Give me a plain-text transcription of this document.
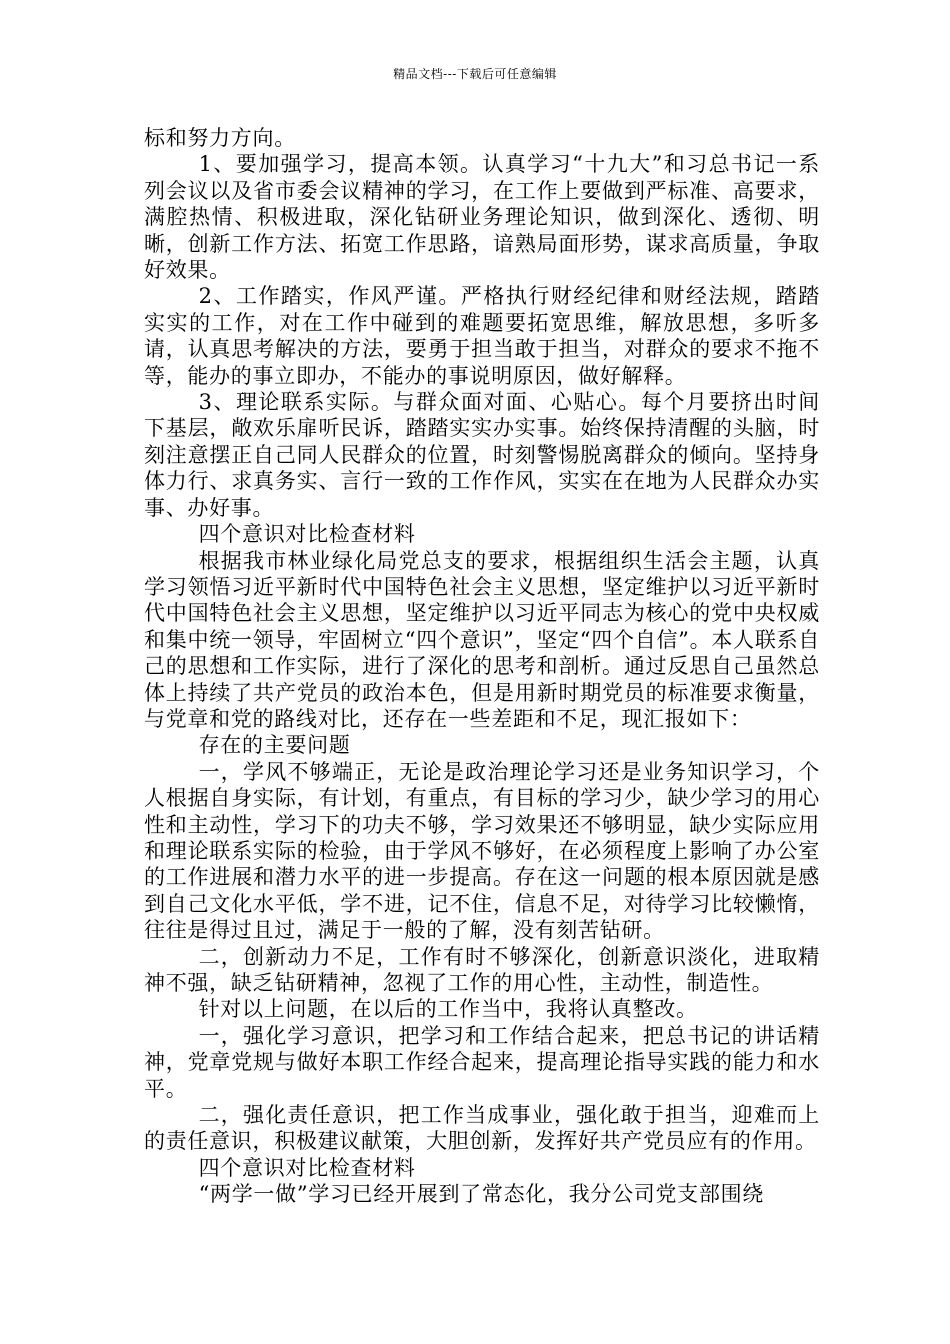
精品文档---下载后可任意编辑

标和努力方向。

1、要加强学习，提高本领。认真学习“十九大”和习总书记一系列会议以及省市委会议精神的学习，在工作上要做到严标准、高要求，满腔热情、积极进取，深化钻研业务理论知识，做到深化、透彻、明晰，创新工作方法、拓宽工作思路，谙熟局面形势，谋求高质量，争取好效果。

2、工作踏实，作风严谨。严格执行财经纪律和财经法规，踏踏实实的工作，对在工作中碰到的难题要拓宽思维，解放思想，多听多请，认真思考解决的方法，要勇于担当敢于担当，对群众的要求不拖不等，能办的事立即办，不能办的事说明原因，做好解释。

3、理论联系实际。与群众面对面、心贴心。每个月要挤出时间下基层，敞欢乐扉听民诉，踏踏实实办实事。始终保持清醒的头脑，时刻注意摆正自己同人民群众的位置，时刻警惕脱离群众的倾向。坚持身体力行、求真务实、言行一致的工作作风，实实在在地为人民群众办实事、办好事。

四个意识对比检查材料

根据我市林业绿化局党总支的要求，根据组织生活会主题，认真学习领悟习近平新时代中国特色社会主义思想，坚定维护以习近平新时代中国特色社会主义思想，坚定维护以习近平同志为核心的党中央权威和集中统一领导，牢固树立“四个意识”，坚定“四个自信”。本人联系自己的思想和工作实际，进行了深化的思考和剖析。通过反思自己虽然总体上持续了共产党员的政治本色，但是用新时期党员的标准要求衡量，与党章和党的路线对比，还存在一些差距和不足，现汇报如下：

存在的主要问题

一，学风不够端正，无论是政治理论学习还是业务知识学习，个人根据自身实际，有计划，有重点，有目标的学习少，缺少学习的用心性和主动性，学习下的功夫不够，学习效果还不够明显，缺少实际应用和理论联系实际的检验，由于学风不够好，在必须程度上影响了办公室的工作进展和潜力水平的进一步提高。存在这一问题的根本原因就是感到自己文化水平低，学不进，记不住，信息不足，对待学习比较懒惰，往往是得过且过，满足于一般的了解，没有刻苦钻研。

二，创新动力不足，工作有时不够深化，创新意识淡化，进取精神不强，缺乏钻研精神，忽视了工作的用心性，主动性，制造性。

针对以上问题，在以后的工作当中，我将认真整改。

一，强化学习意识，把学习和工作结合起来，把总书记的讲话精神，党章党规与做好本职工作经合起来，提高理论指导实践的能力和水平。

二，强化责任意识，把工作当成事业，强化敢于担当，迎难而上的责任意识，积极建议献策，大胆创新，发挥好共产党员应有的作用。

四个意识对比检查材料

“两学一做”学习已经开展到了常态化，我分公司党支部围绕
